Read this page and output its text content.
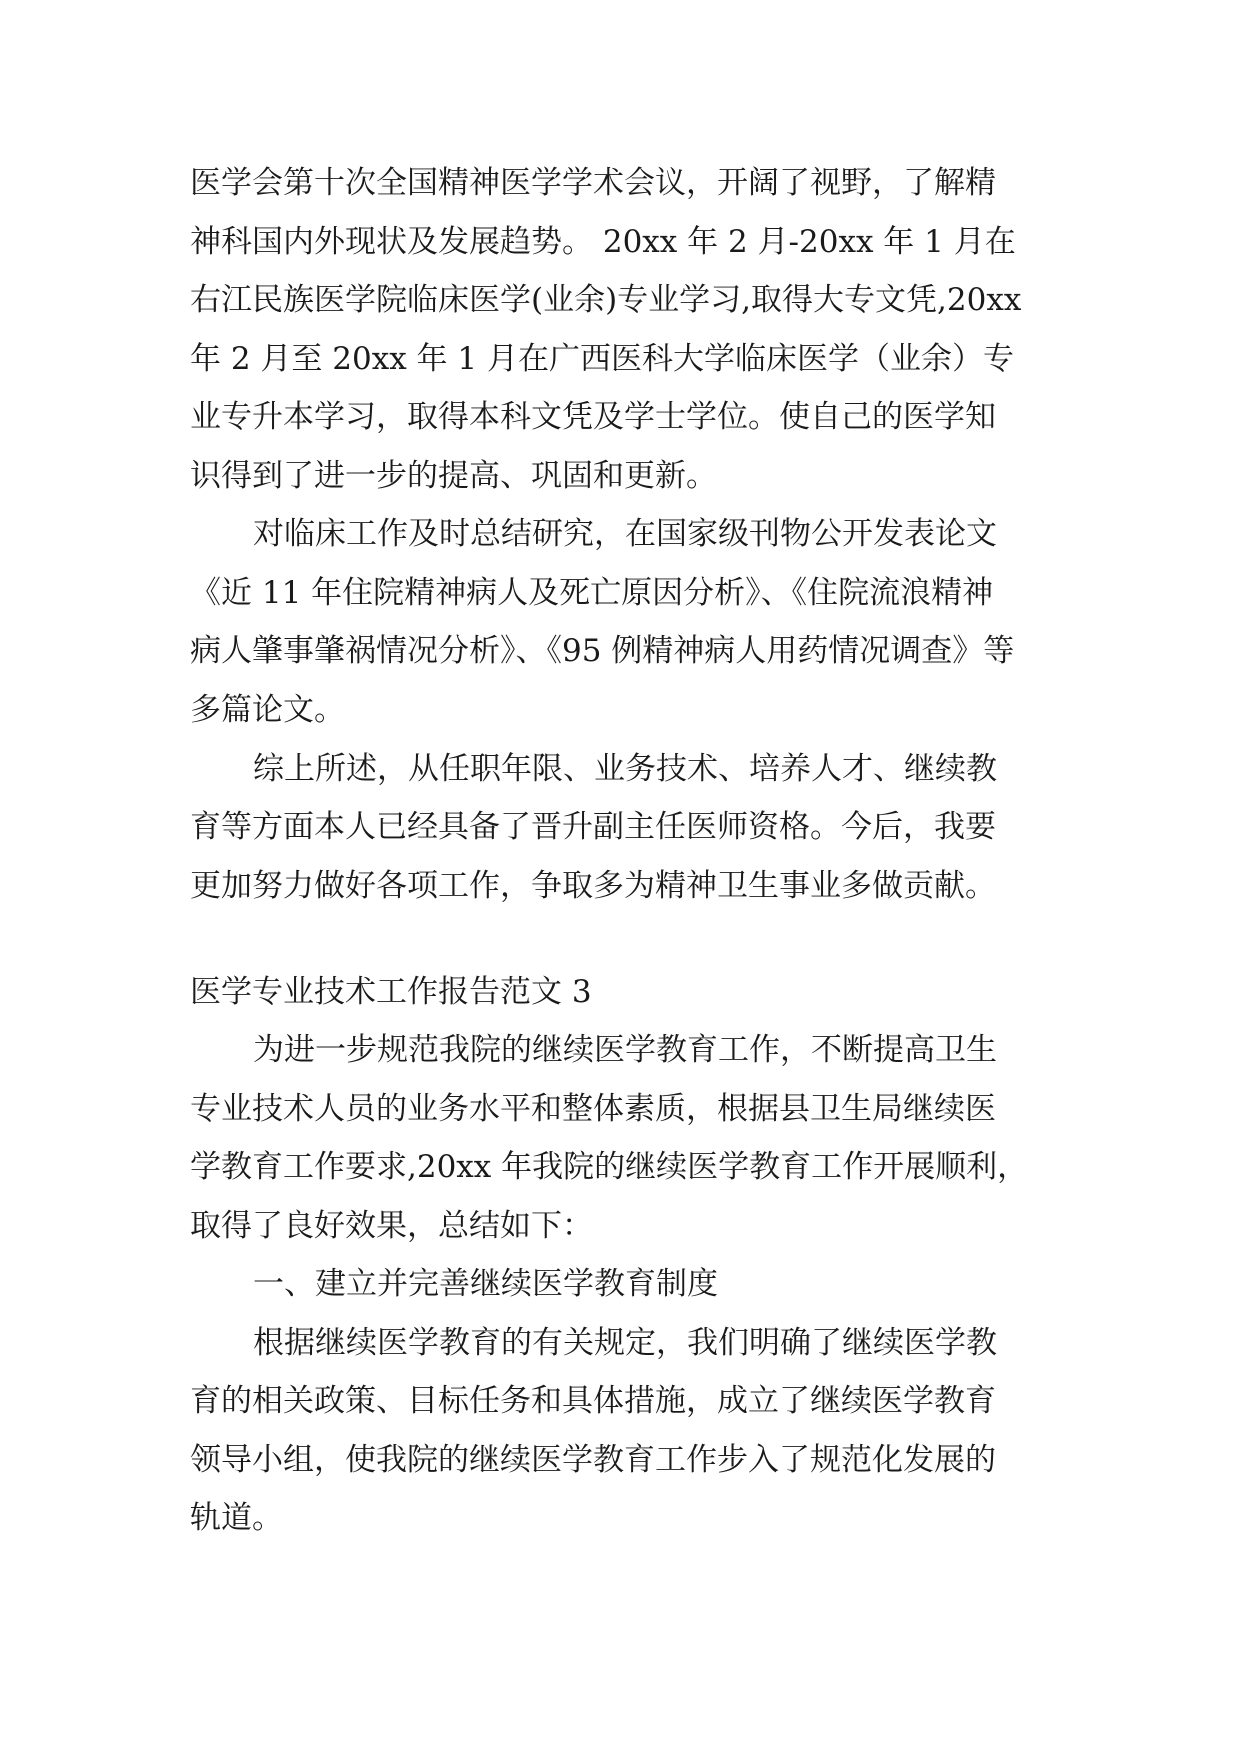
医学会第十次全国精神医学学术会议，开阔了视野，了解精

神科国内外现状及发展趋势。 20xx 年 2 月-20xx 年 1 月在

右江民族医学院临床医学(业余)专业学习,取得大专文凭,20xx

年 2 月至 20xx 年 1 月在广西医科大学临床医学（业余）专

业专升本学习，取得本科文凭及学士学位。使自己的医学知

识得到了进一步的提高、巩固和更新。

对临床工作及时总结研究，在国家级刊物公开发表论文

《近 11 年住院精神病人及死亡原因分析》、《住院流浪精神

病人肇事肇祸情况分析》、《95 例精神病人用药情况调查》等

多篇论文。

综上所述，从任职年限、业务技术、培养人才、继续教

育等方面本人已经具备了晋升副主任医师资格。今后，我要

更加努力做好各项工作，争取多为精神卫生事业多做贡献。

医学专业技术工作报告范文 3

为进一步规范我院的继续医学教育工作，不断提高卫生

专业技术人员的业务水平和整体素质，根据县卫生局继续医

学教育工作要求,20xx 年我院的继续医学教育工作开展顺利，

取得了良好效果，总结如下：

一、建立并完善继续医学教育制度

根据继续医学教育的有关规定，我们明确了继续医学教

育的相关政策、目标任务和具体措施，成立了继续医学教育

领导小组，使我院的继续医学教育工作步入了规范化发展的

轨道。
